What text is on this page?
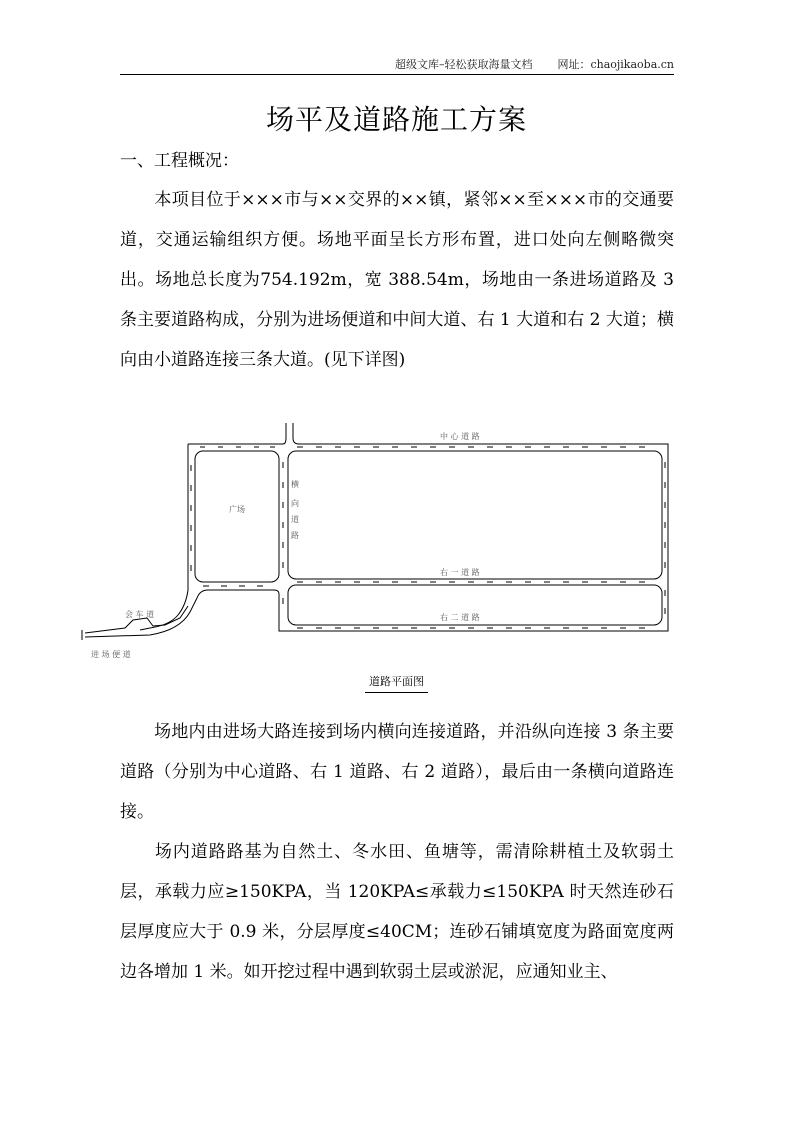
超级文库–轻松获取海量文档 网址：chaojikaoba.cn
场平及道路施工方案
一、工程概况：
本项目位于×××市与××交界的××镇，紧邻××至×××市的交通要道，交通运输组织方便。场地平面呈长方形布置，进口处向左侧略微突出。场地总长度为754.192m，宽 388.54m，场地由一条进场道路及 3 条主要道路构成，分别为进场便道和中间大道、右 1 大道和右 2 大道；横向由小道路连接三条大道。(见下详图)
中 心 道 路
广场
横
向
道
路
右 一 道 路
右 二 道 路
会 车 道
进 场 便 道
道路平面图
场地内由进场大路连接到场内横向连接道路，并沿纵向连接 3 条主要道路（分别为中心道路、右 1 道路、右 2 道路），最后由一条横向道路连接。
场内道路路基为自然土、冬水田、鱼塘等，需清除耕植土及软弱土层，承载力应≥150KPA，当 120KPA≤承载力≤150KPA 时天然连砂石层厚度应大于 0.9 米，分层厚度≤40CM；连砂石铺填宽度为路面宽度两边各增加 1 米。如开挖过程中遇到软弱土层或淤泥，应通知业主、
